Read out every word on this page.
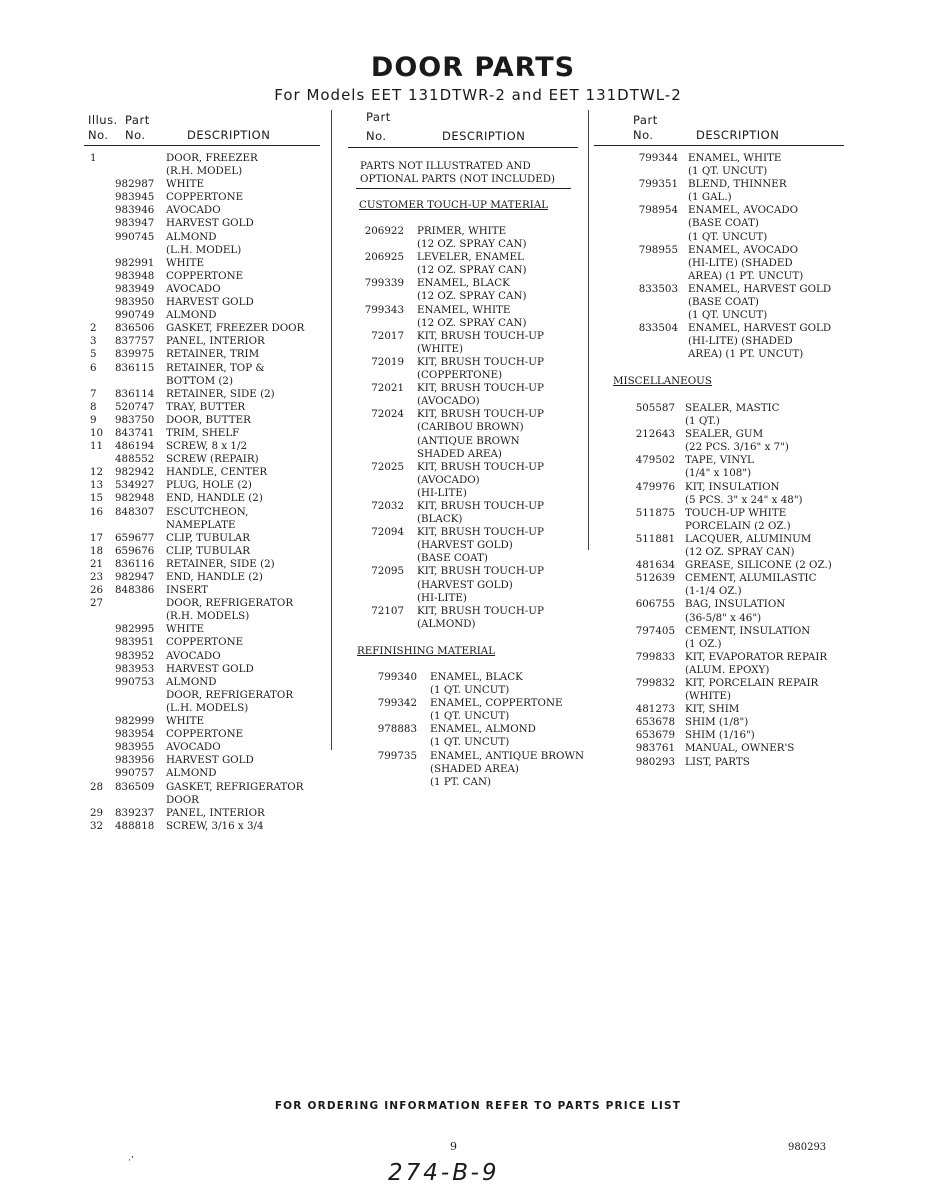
DOOR PARTS
For Models EET 131DTWR-2 and EET 131DTWL-2
Illus.
No.
Part
No.	DESCRIPTION
Part
No.	DESCRIPTION
Part
No.	DESCRIPTION
1	DOOR, FREEZER
(R.H. MODEL)
982987 WHITE
983945 COPPERTONE
983946 AVOCADO
983947 HARVEST GOLD
990745 ALMOND
(L.H. MODEL)
982991 WHITE
983948 COPPERTONE
983949 AVOCADO
983950 HARVEST GOLD
990749 ALMOND
2 836506 GASKET, FREEZER DOOR
3 837757 PANEL, INTERIOR
5 839975 RETAINER, TRIM
6 836115 RETAINER, TOP &
BOTTOM (2)
7 836114 RETAINER, SIDE (2)
8 520747 TRAY, BUTTER
9 983750 DOOR, BUTTER
10 843741 TRIM, SHELF
11 486194 SCREW, 8 x 1/2
488552 SCREW (REPAIR)
12 982942 HANDLE, CENTER
13 534927 PLUG, HOLE (2)
15 982948 END, HANDLE (2)
16 848307 ESCUTCHEON,
NAMEPLATE
17 659677 CLIP, TUBULAR
18 659676 CLIP, TUBULAR
21 836116 RETAINER, SIDE (2)
23 982947 END, HANDLE (2)
26 848386 INSERT
27	DOOR, REFRIGERATOR
(R.H. MODELS)
982995 WHITE
983951 COPPERTONE
983952 AVOCADO
983953 HARVEST GOLD
990753 ALMOND
DOOR, REFRIGERATOR
(L.H. MODELS)
982999 WHITE
983954 COPPERTONE
983955 AVOCADO
983956 HARVEST GOLD
990757 ALMOND
28 836509 GASKET, REFRIGERATOR
DOOR
29 839237 PANEL, INTERIOR
32 488818 SCREW, 3/16 x 3/4
PARTS NOT ILLUSTRATED AND
OPTIONAL PARTS (NOT INCLUDED)
CUSTOMER TOUCH-UP MATERIAL
206922 PRIMER, WHITE
(12 OZ. SPRAY CAN)
206925 LEVELER, ENAMEL
(12 OZ. SPRAY CAN)
799339 ENAMEL, BLACK
(12 OZ. SPRAY CAN)
799343 ENAMEL, WHITE
(12 OZ. SPRAY CAN)
72017 KIT, BRUSH TOUCH-UP
(WHITE)
72019 KIT, BRUSH TOUCH-UP
(COPPERTONE)
72021 KIT, BRUSH TOUCH-UP
(AVOCADO)
72024 KIT, BRUSH TOUCH-UP
(CARIBOU BROWN)
(ANTIQUE BROWN
SHADED AREA)
72025 KIT, BRUSH TOUCH-UP
(AVOCADO)
(HI-LITE)
72032 KIT, BRUSH TOUCH-UP
(BLACK)
72094 KIT, BRUSH TOUCH-UP
(HARVEST GOLD)
(BASE COAT)
72095 KIT, BRUSH TOUCH-UP
(HARVEST GOLD)
(HI-LITE)
72107 KIT, BRUSH TOUCH-UP
(ALMOND)
REFINISHING MATERIAL
799340 ENAMEL, BLACK
(1 QT. UNCUT)
799342 ENAMEL, COPPERTONE
(1 QT. UNCUT)
978883 ENAMEL, ALMOND
(1 QT. UNCUT)
799735 ENAMEL, ANTIQUE BROWN
(SHADED AREA)
(1 PT. CAN)
799344 ENAMEL, WHITE
(1 QT. UNCUT)
799351 BLEND, THINNER
(1 GAL.)
798954 ENAMEL, AVOCADO
(BASE COAT)
(1 QT. UNCUT)
798955 ENAMEL, AVOCADO
(HI-LITE) (SHADED
AREA) (1 PT. UNCUT)
833503 ENAMEL, HARVEST GOLD
(BASE COAT)
(1 QT. UNCUT)
833504 ENAMEL, HARVEST GOLD
(HI-LITE) (SHADED
AREA) (1 PT. UNCUT)
MISCELLANEOUS
505587 SEALER, MASTIC
(1 QT.)
212643 SEALER, GUM
(22 PCS. 3/16" x 7")
479502 TAPE, VINYL
(1/4" x 108")
479976 KIT, INSULATION
(5 PCS. 3" x 24" x 48")
511875 TOUCH-UP WHITE
PORCELAIN (2 OZ.)
511881 LACQUER, ALUMINUM
(12 OZ. SPRAY CAN)
481634 GREASE, SILICONE (2 OZ.)
512639 CEMENT, ALUMILASTIC
(1-1/4 OZ.)
606755 BAG, INSULATION
(36-5/8" x 46")
797405 CEMENT, INSULATION
(1 OZ.)
799833 KIT, EVAPORATOR REPAIR
(ALUM. EPOXY)
799832 KIT, PORCELAIN REPAIR
(WHITE)
481273 KIT, SHIM
653678 SHIM (1/8")
653679 SHIM (1/16")
983761 MANUAL, OWNER'S
980293 LIST, PARTS
FOR ORDERING INFORMATION REFER TO PARTS PRICE LIST
9	980293
274-B-9
·’
